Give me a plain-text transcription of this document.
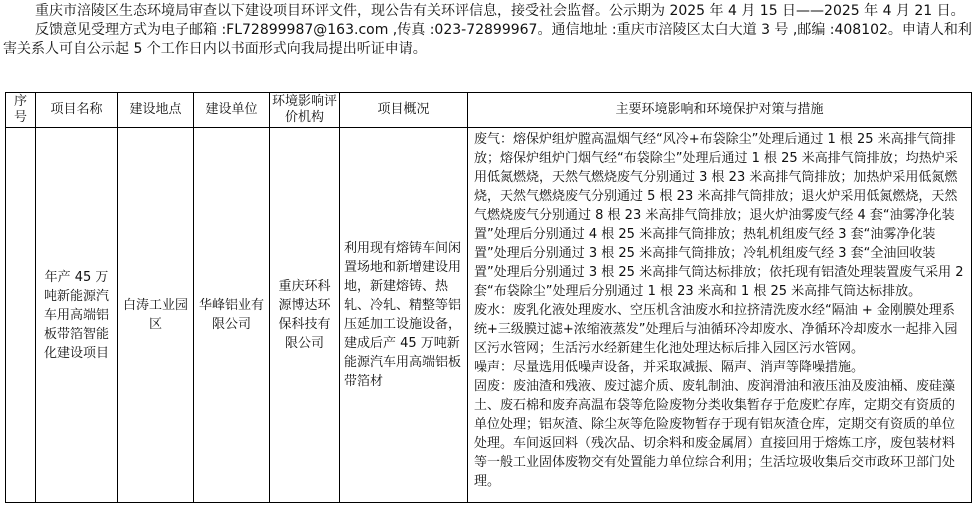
重庆市涪陵区生态环境局审查以下建设项目环评文件，现公告有关环评信息，接受社会监督。公示期为 2025 年 4 月 15 日——2025 年 4 月 21 日。

反馈意见受理方式为电子邮箱 :FL72899987@163.com ,传真 :023-72899967。通信地址 :重庆市涪陵区太白大道 3 号 ,邮编 :408102。申请人和利害关系人可自公示起 5 个工作日内以书面形式向我局提出听证申请。

序号	项目名称	建设地点	建设单位	环境影响评价机构	项目概况	主要环境影响和环境保护对策与措施
	年产 45 万吨新能源汽车用高端铝板带箔智能化建设项目	白涛工业园区	华峰铝业有限公司	重庆环科源博达环保科技有限公司	利用现有熔铸车间闲置场地和新增建设用地，新建熔铸、热轧、冷轧、精整等铝压延加工设施设备，建成后产 45 万吨新能源汽车用高端铝板带箔材	废气：熔保炉组炉膛高温烟气经“风冷+布袋除尘”处理后通过 1 根 25 米高排气筒排放；熔保炉组炉门烟气经“布袋除尘”处理后通过 1 根 25 米高排气筒排放；均热炉采用低氮燃烧，天然气燃烧废气分别通过 3 根 23 米高排气筒排放；加热炉采用低氮燃烧，天然气燃烧废气分别通过 5 根 23 米高排气筒排放；退火炉采用低氮燃烧，天然气燃烧废气分别通过 8 根 23 米高排气筒排放；退火炉油雾废气经 4 套“油雾净化装置”处理后分别通过 4 根 25 米高排气筒排放；热轧机组废气经 3 套“油雾净化装置”处理后分别通过 3 根 25 米高排气筒排放；冷轧机组废气经 3 套“全油回收装置”处理后分别通过 3 根 25 米高排气筒达标排放；依托现有铝渣处理装置废气采用 2 套“布袋除尘”处理后分别通过 1 根 23 米高和 1 根 25 米高排气筒达标排放。

废水：废乳化液处理废水、空压机含油废水和拉挤清洗废水经“隔油 + 金刚膜处理系统+三级膜过滤+浓缩液蒸发”处理后与油循环冷却废水、净循环冷却废水一起排入园区污水管网；生活污水经新建生化池处理达标后排入园区污水管网。

噪声：尽量选用低噪声设备，并采取减振、隔声、消声等降噪措施。

固废：废油渣和残液、废过滤介质、废轧制油、废润滑油和液压油及废油桶、废硅藻土、废石棉和废弃高温布袋等危险废物分类收集暂存于危废贮存库，定期交有资质的单位处理；铝灰渣、除尘灰等危险废物暂存于现有铝灰渣仓库，定期交有资质的单位处理。车间返回料（残次品、切余料和废金属屑）直接回用于熔炼工序，废包装材料等一般工业固体废物交有处置能力单位综合利用；生活垃圾收集后交市政环卫部门处理。
